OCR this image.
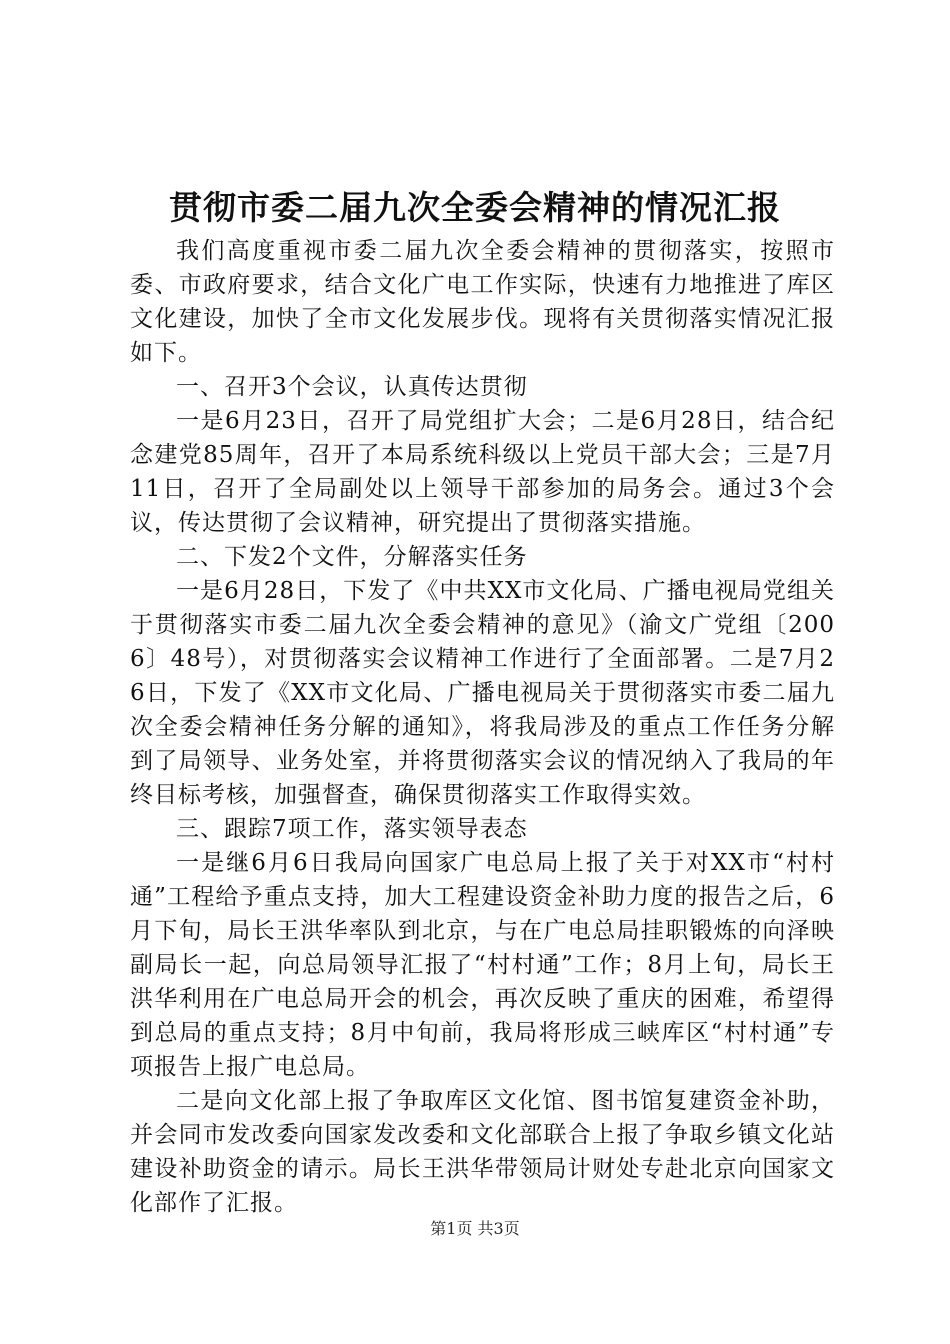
贯彻市委二届九次全委会精神的情况汇报

我们高度重视市委二届九次全委会精神的贯彻落实，按照市委、市政府要求，结合文化广电工作实际，快速有力地推进了库区文化建设，加快了全市文化发展步伐。现将有关贯彻落实情况汇报如下。

一、召开3个会议，认真传达贯彻

一是6月23日，召开了局党组扩大会；二是6月28日，结合纪念建党85周年，召开了本局系统科级以上党员干部大会；三是7月11日，召开了全局副处以上领导干部参加的局务会。通过3个会议，传达贯彻了会议精神，研究提出了贯彻落实措施。

二、下发2个文件，分解落实任务

一是6月28日，下发了《中共XX市文化局、广播电视局党组关于贯彻落实市委二届九次全委会精神的意见》（渝文广党组〔2006〕48号），对贯彻落实会议精神工作进行了全面部署。二是7月26日，下发了《XX市文化局、广播电视局关于贯彻落实市委二届九次全委会精神任务分解的通知》，将我局涉及的重点工作任务分解到了局领导、业务处室，并将贯彻落实会议的情况纳入了我局的年终目标考核，加强督查，确保贯彻落实工作取得实效。

三、跟踪7项工作，落实领导表态

一是继6月6日我局向国家广电总局上报了关于对XX市“村村通”工程给予重点支持，加大工程建设资金补助力度的报告之后，6月下旬，局长王洪华率队到北京，与在广电总局挂职锻炼的向泽映副局长一起，向总局领导汇报了“村村通”工作；8月上旬，局长王洪华利用在广电总局开会的机会，再次反映了重庆的困难，希望得到总局的重点支持；8月中旬前，我局将形成三峡库区“村村通”专项报告上报广电总局。

二是向文化部上报了争取库区文化馆、图书馆复建资金补助，并会同市发改委向国家发改委和文化部联合上报了争取乡镇文化站建设补助资金的请示。局长王洪华带领局计财处专赴北京向国家文化部作了汇报。

第1页 共3页
